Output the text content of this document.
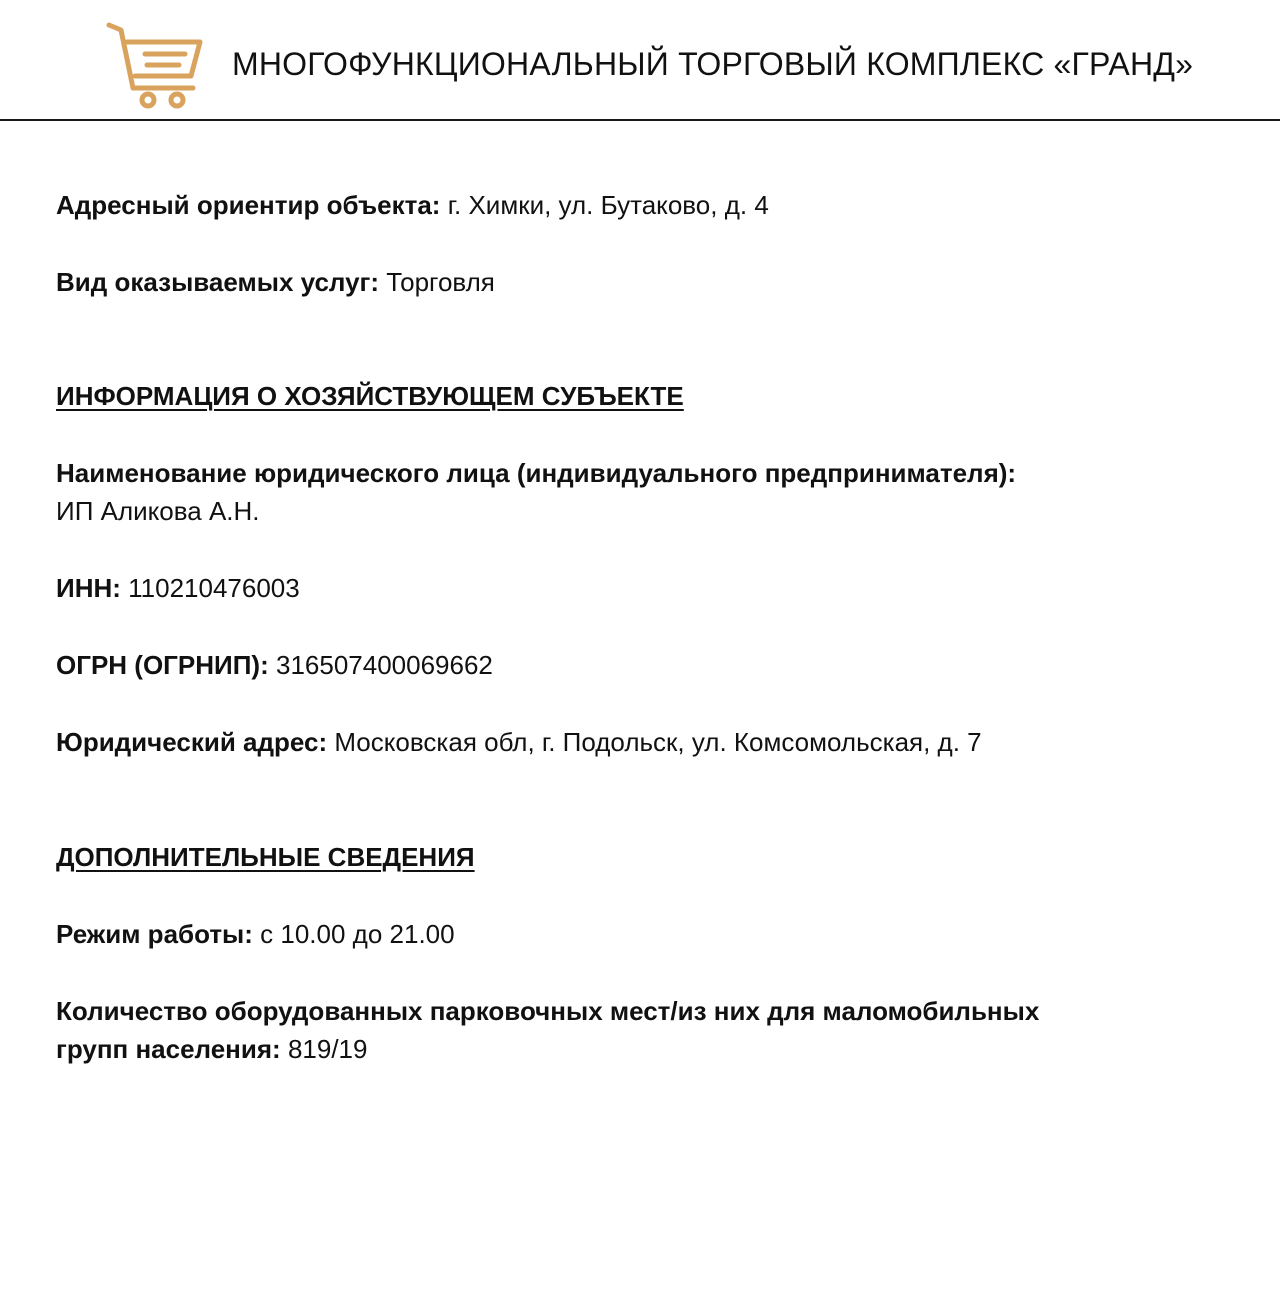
МНОГОФУНКЦИОНАЛЬНЫЙ ТОРГОВЫЙ КОМПЛЕКС «ГРАНД»
Адресный ориентир объекта: г. Химки, ул. Бутаково, д. 4
Вид оказываемых услуг: Торговля
ИНФОРМАЦИЯ О ХОЗЯЙСТВУЮЩЕМ СУБЪЕКТЕ
Наименование юридического лица (индивидуального предпринимателя):
ИП Аликова А.Н.
ИНН: 110210476003
ОГРН (ОГРНИП): 316507400069662
Юридический адрес: Московская обл, г. Подольск, ул. Комсомольская, д. 7
ДОПОЛНИТЕЛЬНЫЕ СВЕДЕНИЯ
Режим работы: с 10.00 до 21.00
Количество оборудованных парковочных мест/из них для маломобильных
групп населения: 819/19
